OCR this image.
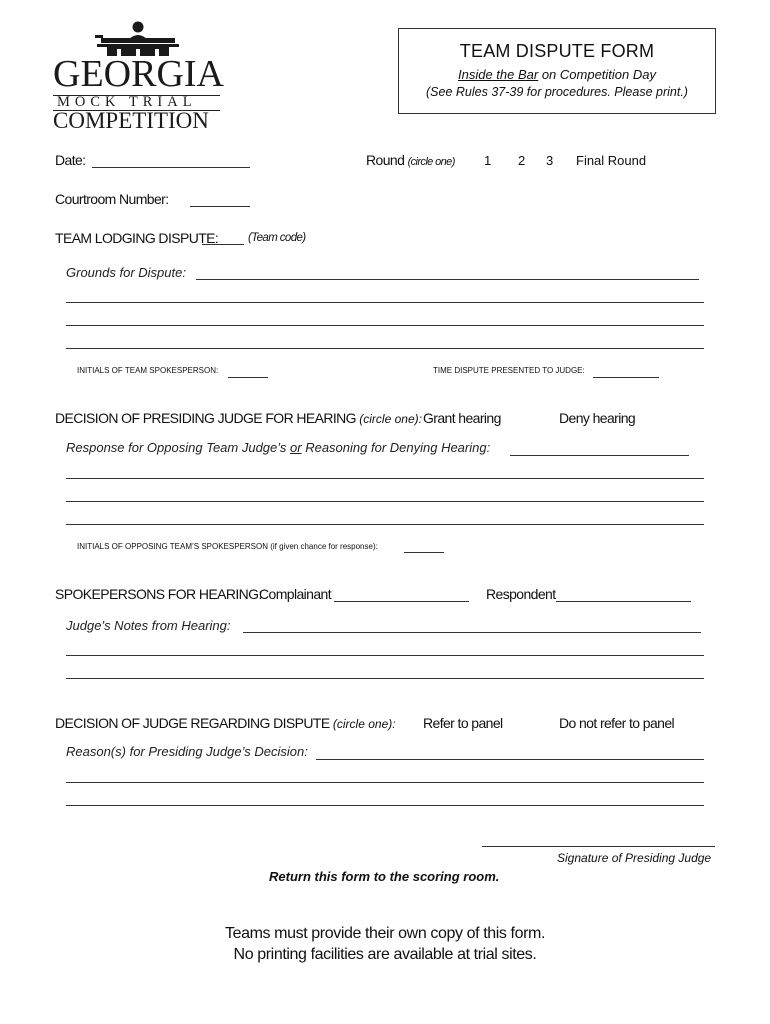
GEORGIA
MOCK TRIAL
COMPETITION
TEAM DISPUTE FORM
Inside the Bar on Competition Day
(See Rules 37-39 for procedures. Please print.)
Date:	Round (circle one) 1 2 3 Final Round
Courtroom Number:
TEAM LODGING DISPUTE:	(Team code)
Grounds for Dispute:
INITIALS OF TEAM SPOKESPERSON:	TIME DISPUTE PRESENTED TO JUDGE:
DECISION OF PRESIDING JUDGE FOR HEARING (circle one): Grant hearing	Deny hearing
Response for Opposing Team Judge’s or Reasoning for Denying Hearing:
INITIALS OF OPPOSING TEAM’S SPOKESPERSON (if given chance for response):
SPOKEPERSONS FOR HEARING:
Complainant	Respondent
Judge’s Notes from Hearing:
DECISION OF JUDGE REGARDING DISPUTE (circle one): Refer to panel	Do not refer to panel
Reason(s) for Presiding Judge’s Decision:
Signature of Presiding Judge
Return this form to the scoring room.
Teams must provide their own copy of this form.
No printing facilities are available at trial sites.
